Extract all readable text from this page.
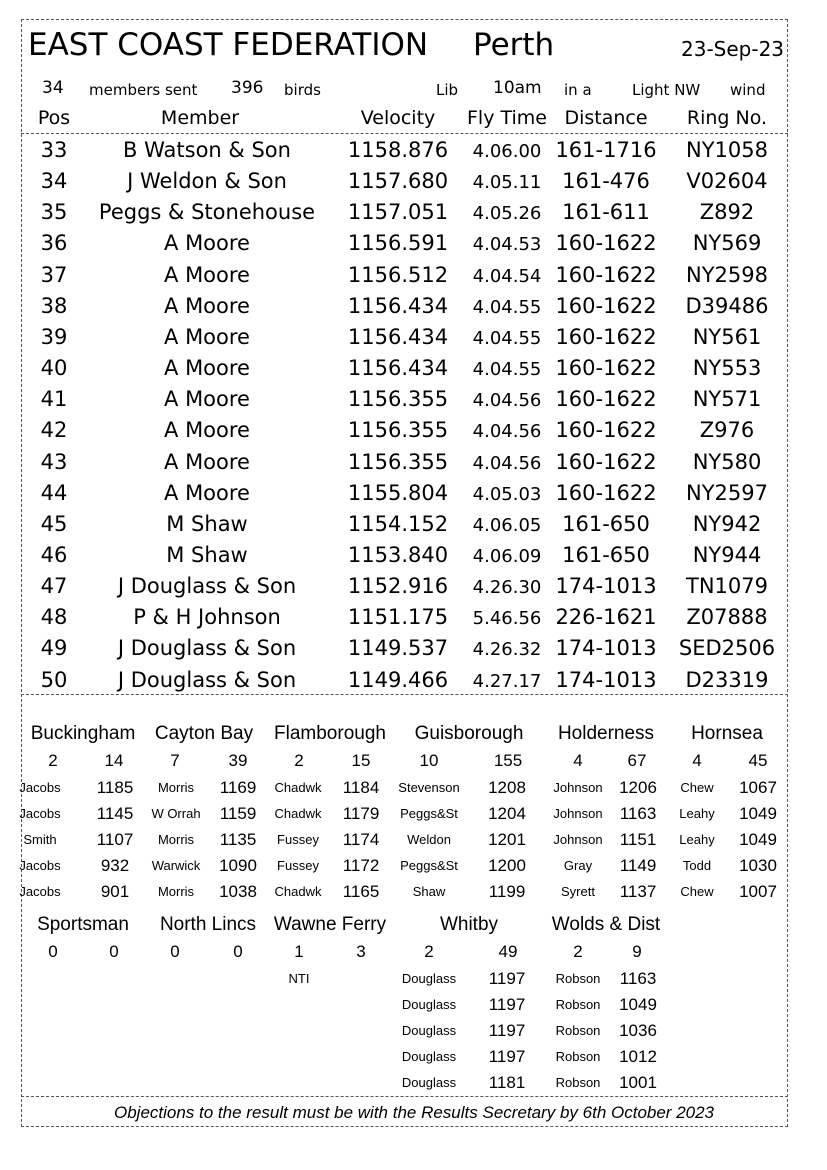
EAST COAST FEDERATION Perth	23-Sep-23
34 members sent 396 birds	Lib 10am in a	Light NW wind
Pos	Member	Velocity Fly Time Distance Ring No.
33	B Watson & Son	1158.876 4.06.00 161-1716 NY1058
34	J Weldon & Son	1157.680 4.05.11 161-476 V02604
35 Peggs & Stonehouse 1157.051 4.05.26 161-611 Z892
36	A Moore	1156.591 4.04.53 160-1622 NY569
37	A Moore	1156.512 4.04.54 160-1622 NY2598
38	A Moore	1156.434 4.04.55 160-1622 D39486
39	A Moore	1156.434 4.04.55 160-1622 NY561
40	A Moore	1156.434 4.04.55 160-1622 NY553
41	A Moore	1156.355 4.04.56 160-1622 NY571
42	A Moore	1156.355 4.04.56 160-1622 Z976
43	A Moore	1156.355 4.04.56 160-1622 NY580
44	A Moore	1155.804 4.05.03 160-1622 NY2597
45	M Shaw	1154.152 4.06.05 161-650 NY942
46	M Shaw	1153.840 4.06.09 161-650 NY944
47 J Douglass & Son 1152.916 4.26.30 174-1013 TN1079
48	P & H Johnson	1151.175 5.46.56 226-1621 Z07888
49 J Douglass & Son 1149.537 4.26.32 174-1013 SED2506
50 J Douglass & Son 1149.466 4.27.17 174-1013 D23319
Buckingham
2	14
Jacobs 1185
Jacobs 1145
Smith 1107
Jacobs 932
Jacobs 901
Cayton Bay
7	39
Morris 1169
W Orrah 1159
Morris 1135
Warwick 1090
Morris 1038
Flamborough
2	15
Chadwk 1184
Chadwk 1179
Fussey 1174
Fussey 1172
Chadwk 1165
Guisborough
10	155
Stevenson 1208
Peggs&St 1204
Weldon 1201
Peggs&St 1200
Shaw	1199
Holderness
4	67
Johnson 1206
Johnson 1163
Johnson 1151
Gray 1149
Syrett 1137
Hornsea
4	45
Chew 1067
Leahy 1049
Leahy 1049
Todd 1030
Chew 1007
Sportsman
0	0
North Lincs
0	0
Wawne Ferry
1	3
NTI
Whitby
2	49
Douglass 1197
Douglass 1197
Douglass 1197
Douglass 1197
Douglass 1181
Wolds & Dist
2	9
Robson 1163
Robson 1049
Robson 1036
Robson 1012
Robson 1001
Objections to the result must be with the Results Secretary by 6th October 2023
